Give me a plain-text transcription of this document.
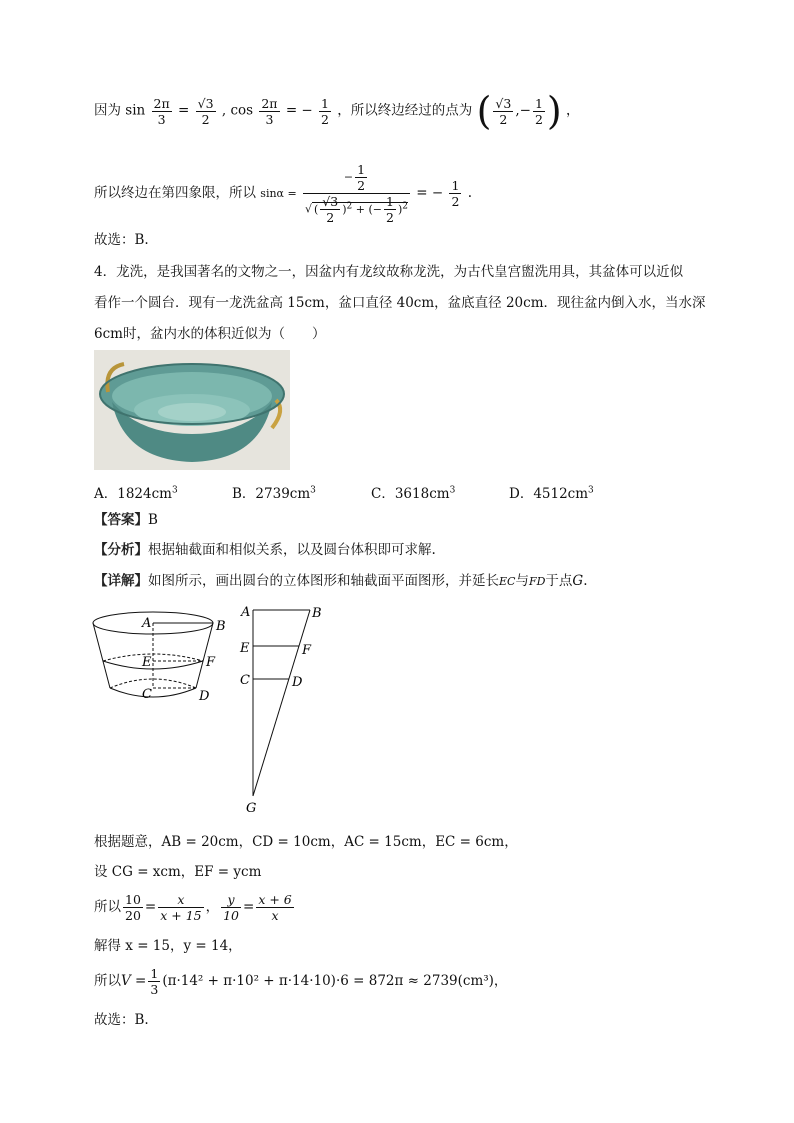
因为 $\sin \frac{2\pi}{3} = \frac{√3}{2}$ , $\cos \frac{2\pi}{3}$ = − $\frac{1}{2}$ ，所以终边经过的点为 ( $\frac{√3}{2}$ ,− $\frac{1}{2}$ ) ，
所以终边在第四象限，所以 $\sin\alpha = \frac{- \frac{1}{2}}{√ ( \frac{√3}{2} )^2 + (- \frac{1}{2} )^2}$ = − $\frac{1}{2}$ .
故选：B.
4．龙洗，是我国著名的文物之一，因盆内有龙纹故称龙洗，为古代皇宫盥洗用具，其盆体可以近似
看作一个圆台．现有一龙洗盆高 15cm，盆口直径 40cm，盆底直径 20cm．现往盆内倒入水，当水深
6cm时，盆内水的体积近似为（　　）
A．$1824cm^3$	B．$2739cm^3$	C．$3618cm^3$	D．$4512cm^3$
【答案】B
【分析】根据轴截面和相似关系，以及圆台体积即可求解.
【详解】如图所示，画出圆台的立体图形和轴截面平面图形，并延长EC与FD于点G.
A	B
E	F
C	D
A	B
E	F
C	D
G
根据题意，AB = 20cm，CD = 10cm，AC = 15cm，EC = 6cm，
设 CG = xcm，EF = ycm
所以 $\frac{10}{20} = \frac{x}{x + 15}$ ， $\frac{y}{10} = \frac{x + 6}{x}$
解得 x = 15，y = 14，
所以$V = \frac{1}{3} (\pi\cdot 14^2 + \pi\cdot 10^2 + \pi\cdot 14\cdot 10)\cdot 6 = 872\pi \approx 2739(cm^3)$，
故选：B.
